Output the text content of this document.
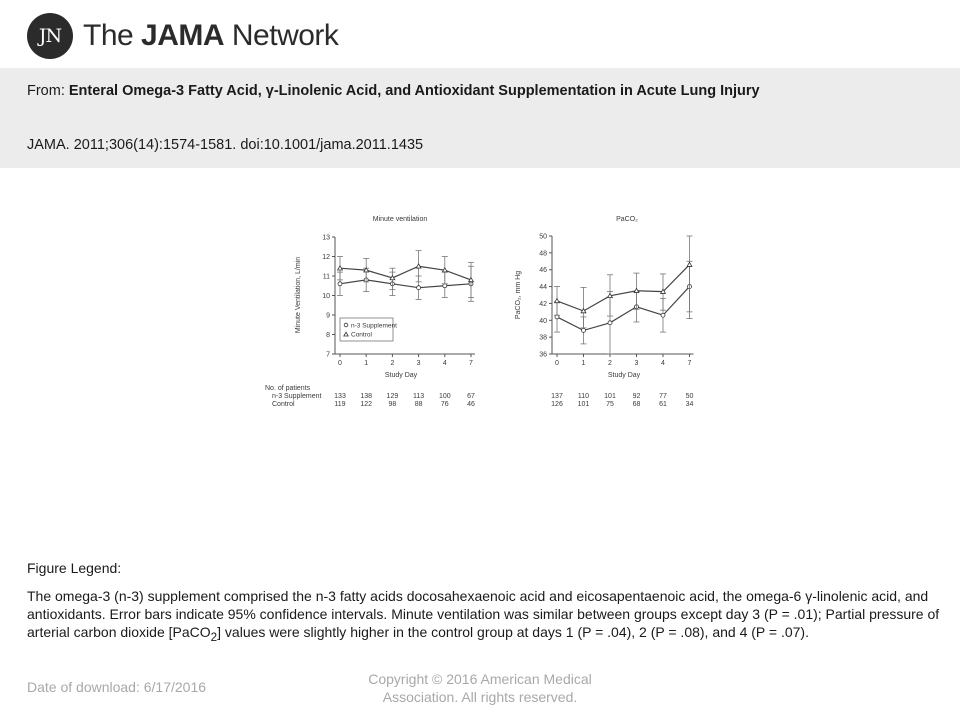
JN The JAMA Network
From: Enteral Omega-3 Fatty Acid, γ-Linolenic Acid, and Antioxidant Supplementation in Acute Lung Injury
JAMA. 2011;306(14):1574-1581. doi:10.1001/jama.2011.1435
Minute ventilation
Study Day
Minute Ventilation, L/min
7
8
9
10
11
12
13
0	1	2	3	4	7
n-3 Supplement
Control
No. of patients
n-3 Supplement 133 138 129 113 100 67
Control	119 122 98	88	76	46
PaCO₂
Study Day
PaCO₂, mm Hg
36
38
40
42
44
46
48
50
0	1	2	3	4	7
137 110 101 92	77	50
126 101 75	68	61	34
Figure Legend:
The omega-3 (n-3) supplement comprised the n-3 fatty acids docosahexaenoic acid and eicosapentaenoic acid, the omega-6 γ-linolenic acid, and antioxidants. Error bars indicate 95% confidence intervals. Minute ventilation was similar between groups except day 3 (P = .01); Partial pressure of arterial carbon dioxide [PaCO$_2$] values were slightly higher in the control group at days 1 (P = .04), 2 (P = .08), and 4 (P = .07).
Date of download: 6/17/2016	Copyright © 2016 American Medical Association. All rights reserved.
